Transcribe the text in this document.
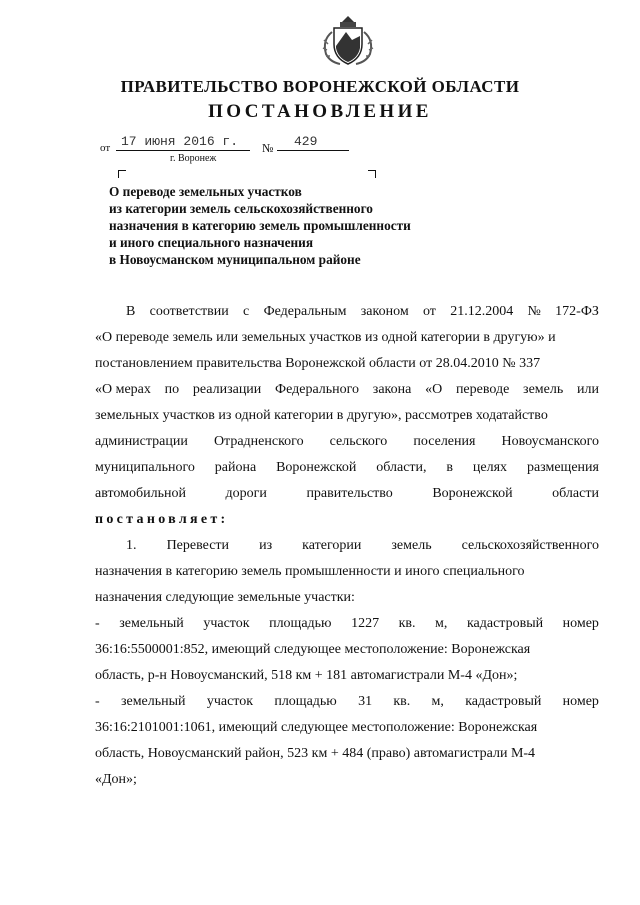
ПРАВИТЕЛЬСТВО ВОРОНЕЖСКОЙ ОБЛАСТИ
ПОСТАНОВЛЕНИЕ
от 17 июня 2016 г. № 429
г. Воронеж
О переводе земельных участков
из категории земель сельскохозяйственного
назначения в категорию земель промышленности
и иного специального назначения
в Новоусманском муниципальном районе
В соответствии с Федеральным законом от 21.12.2004 № 172-ФЗ
«О переводе земель или земельных участков из одной категории в другую» и
постановлением правительства Воронежской области от 28.04.2010 № 337
«О мерах по реализации Федерального закона «О переводе земель или
земельных участков из одной категории в другую», рассмотрев ходатайство
администрации Отрадненского сельского поселения Новоусманского
муниципального района Воронежской области, в целях размещения
автомобильной	дороги	правительство	Воронежской	области
постановляет:
1. Перевести из категории земель сельскохозяйственного
назначения в категорию земель промышленности и иного специального
назначения следующие земельные участки:
- земельный участок площадью 1227 кв. м, кадастровый номер
36:16:5500001:852, имеющий следующее местоположение: Воронежская
область, р-н Новоусманский, 518 км + 181 автомагистрали М-4 «Дон»;
- земельный участок площадью 31 кв. м, кадастровый номер
36:16:2101001:1061, имеющий следующее местоположение: Воронежская
область, Новоусманский район, 523 км + 484 (право) автомагистрали М-4
«Дон»;
